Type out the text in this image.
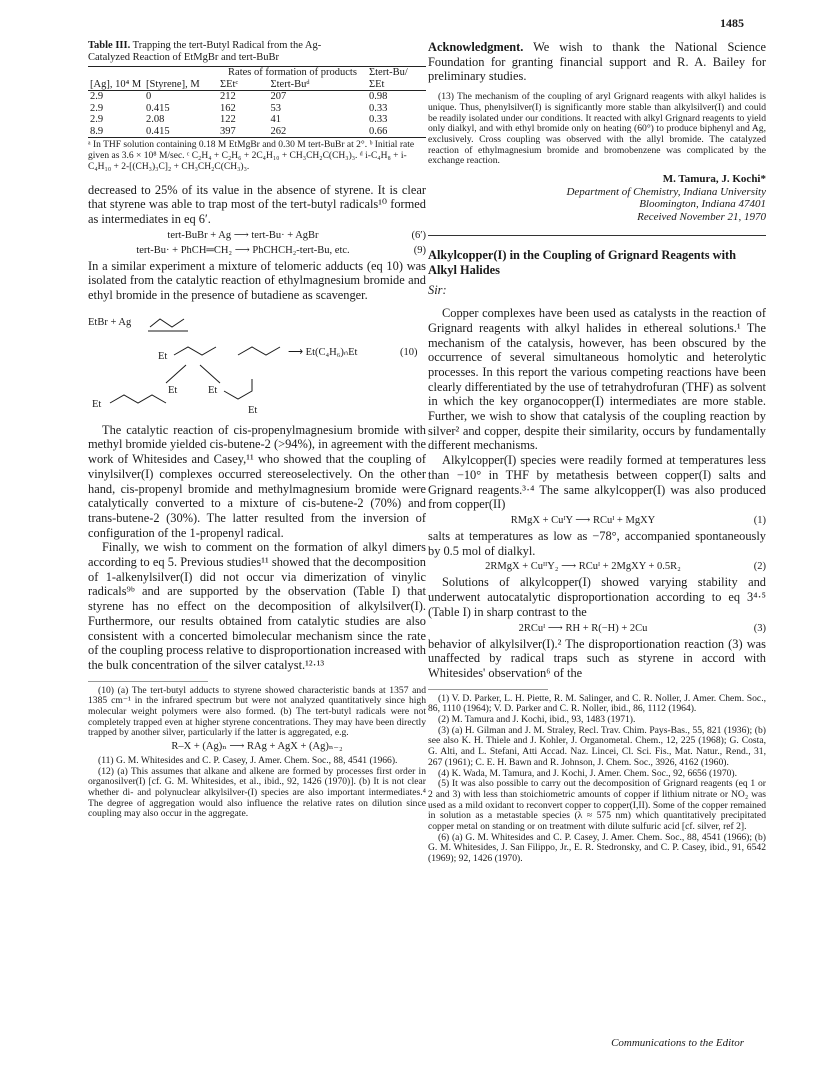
1485
Table III. Trapping the tert-Butyl Radical from the Ag-Catalyzed Reaction of EtMgBr and tert-BuBr
[Ag], 10⁴ M	[Styrene], M	Rates of formation of products		Σtert-Bu/ ΣEt
		ΣEtᶜ	Σtert-Buᵈ	
2.9	0	212	207	0.98
2.9	0.415	162	53	0.33
2.9	2.08	122	41	0.33
8.9	0.415	397	262	0.66

ᵃ In THF solution containing 0.18 M EtMgBr and 0.30 M tert-BuBr at 2°. ᵇ Initial rate given as 3.6 × 10⁸ M/sec. ᶜ C₂H₄ + C₂H₆ + 2C₄H₁₀ + CH₃CH₂C(CH₃)₃. ᵈ i-C₄H₈ + i-C₄H₁₀ + 2-[(CH₃)₃C]₂ + CH₃CH₂C(CH₃)₃.

decreased to 25% of its value in the absence of styrene. It is clear that styrene was able to trap most of the tert-butyl radicals¹⁰ formed as intermediates in eq 6′.

tert-BuBr + Ag ⟶ tert-Bu· + AgBr	(6′)
tert-Bu· + PhCH═CH₂ ⟶ PhCHCH₂-tert-Bu, etc.	(9)

In a similar experiment a mixture of telomeric adducts (eq 10) was isolated from the catalytic reaction of ethylmagnesium bromide and ethyl bromide in the presence of butadiene as scavenger.

EtBr + Ag
Et	⟶ Et(C₄H₆)ₙEt	(10)
Et
Et	Et
Et

The catalytic reaction of cis-propenylmagnesium bromide with methyl bromide yielded cis-butene-2 (>94%), in agreement with the work of Whitesides and Casey,¹¹ who showed that the coupling of vinylsilver(I) complexes occurred stereoselectively. On the other hand, cis-propenyl bromide and methylmagnesium bromide were catalytically converted to a mixture of cis-butene-2 (70%) and trans-butene-2 (30%). The latter resulted from the inversion of configuration of the 1-propenyl radical.

Finally, we wish to comment on the formation of alkyl dimers according to eq 5. Previous studies¹¹ showed that the decomposition of 1-alkenylsilver(I) did not occur via dimerization of vinylic radicals⁹ᵇ and are supported by the observation (Table I) that styrene has no effect on the decomposition of alkylsilver(I). Furthermore, our results obtained from catalytic studies are also consistent with a concerted bimolecular mechanism since the rate of the coupling process relative to disproportionation increased with the bulk concentration of the silver catalyst.¹²·¹³

(10) (a) The tert-butyl adducts to styrene showed characteristic bands at 1357 and 1385 cm⁻¹ in the infrared spectrum but were not analyzed quantitatively since high molecular weight polymers were also formed. (b) The tert-butyl radicals were not completely trapped even at higher styrene concentrations. They may have been directly trapped by another silver, particularly if the latter is aggregated, e.g.

R–X + (Ag)ₙ ⟶ RAg + AgX + (Ag)ₙ₋₂

(11) G. M. Whitesides and C. P. Casey, J. Amer. Chem. Soc., 88, 4541 (1966).

(12) (a) This assumes that alkane and alkene are formed by processes first order in organosilver(I) [cf. G. M. Whitesides, et al., ibid., 92, 1426 (1970)]. (b) It is not clear whether di- and polynuclear alkylsilver-(I) species are also important intermediates.⁴ The degree of aggregation would also influence the relative rates on dilution since coupling may also occur in the aggregate.

Acknowledgment. We wish to thank the National Science Foundation for granting financial support and R. A. Bailey for preliminary studies.

(13) The mechanism of the coupling of aryl Grignard reagents with alkyl halides is unique. Thus, phenylsilver(I) is significantly more stable than alkylsilver(I) and could be readily isolated under our conditions. It reacted with alkyl Grignard reagents to yield only dialkyl, and with ethyl bromide only on heating (60°) to produce biphenyl and Ag, exclusively. Cross coupling was observed with the allyl bromide. The catalyzed reaction of ethylmagnesium bromide and bromobenzene was complicated by the exchange reaction.

M. Tamura, J. Kochi*
Department of Chemistry, Indiana University
Bloomington, Indiana 47401
Received November 21, 1970
Alkylcopper(I) in the Coupling of Grignard Reagents with Alkyl Halides
Sir:

Copper complexes have been used as catalysts in the reaction of Grignard reagents with alkyl halides in ethereal solutions.¹ The mechanism of the catalysis, however, has been obscured by the occurrence of several simultaneous homolytic and heterolytic processes. In this report the various competing reactions have been clearly differentiated by the use of tetrahydrofuran (THF) as solvent in which the key organocopper(I) intermediates are more stable. Further, we wish to show that catalysis of the coupling reaction by silver² and copper, despite their similarity, occurs by fundamentally different mechanisms.

Alkylcopper(I) species were readily formed at temperatures less than −10° in THF by metathesis between copper(I) salts and Grignard reagents.³·⁴ The same alkylcopper(I) was also produced from copper(II)

RMgX + CuᴵY ⟶ RCuᴵ + MgXY	(1)

salts at temperatures as low as −78°, accompanied spontaneously by 0.5 mol of dialkyl.

2RMgX + CuᴵᴵY₂ ⟶ RCuᴵ + 2MgXY + 0.5R₂	(2)

Solutions of alkylcopper(I) showed varying stability and underwent autocatalytic disproportionation according to eq 3⁴·⁵ (Table I) in sharp contrast to the

2RCuᴵ ⟶ RH + R(−H) + 2Cu	(3)

behavior of alkylsilver(I).² The disproportionation reaction (3) was unaffected by radical traps such as styrene in accord with Whitesides' observation⁶ of the

(1) V. D. Parker, L. H. Piette, R. M. Salinger, and C. R. Noller, J. Amer. Chem. Soc., 86, 1110 (1964); V. D. Parker and C. R. Noller, ibid., 86, 1112 (1964).

(2) M. Tamura and J. Kochi, ibid., 93, 1483 (1971).

(3) (a) H. Gilman and J. M. Straley, Recl. Trav. Chim. Pays-Bas., 55, 821 (1936); (b) see also K. H. Thiele and J. Kohler, J. Organometal. Chem., 12, 225 (1968); G. Costa, G. Alti, and L. Stefani, Atti Accad. Naz. Lincei, Cl. Sci. Fis., Mat. Natur., Rend., 31, 267 (1961); C. E. H. Bawn and R. Johnson, J. Chem. Soc., 3926, 4162 (1960).

(4) K. Wada, M. Tamura, and J. Kochi, J. Amer. Chem. Soc., 92, 6656 (1970).

(5) It was also possible to carry out the decomposition of Grignard reagents (eq 1 or 2 and 3) with less than stoichiometric amounts of copper if lithium nitrate or NO₂ was used as a mild oxidant to reconvert copper to copper(I,II). Some of the copper remained in solution as a metastable species (λ ≈ 575 nm) which quantitatively precipitated copper metal on standing or on treatment with dilute sulfuric acid [cf. silver, ref 2].

(6) (a) G. M. Whitesides and C. P. Casey, J. Amer. Chem. Soc., 88, 4541 (1966); (b) G. M. Whitesides, J. San Filippo, Jr., E. R. Stedronsky, and C. P. Casey, ibid., 91, 6542 (1969); 92, 1426 (1970).

Communications to the Editor
